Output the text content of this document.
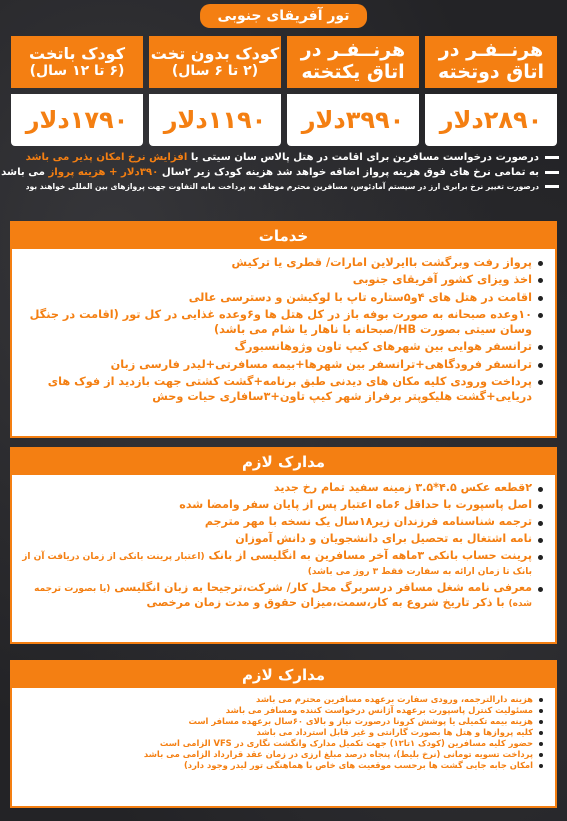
تور آفریقای جنوبی
هرنــفـر در
اتاق دوتخته
۲۸۹۰دلار
هرنــفـر در
اتاق یکتخته
۳۹۹۰دلار
کودک بدون تخت
(۲ تا ۶ سال)
۱۱۹۰دلار
کودک باتخت
(۶ تا ۱۲ سال)
۱۷۹۰دلار
درصورت درخواست مسافرین برای اقامت در هتل پالاس سان سیتی با افزایش نرخ امکان پذیر می باشد
به تمامی نرخ های فوق هزینه پرواز اضافه خواهد شد هزینه کودک زیر ۲سال ۳۹۰دلار + هزینه پرواز می باشد
درصورت تغییر نرخ برابری ارز در سیستم آماد‌ئوس، مسافرین محترم موظف به پرداخت مابه التفاوت جهت پروازهای بین المللی خواهند بود
خدمات
پرواز رفت وبرگشت باایرلاین امارات/ قطری یا ترکیش
اخذ ویزای کشور آفریقای جنوبی
اقامت در هتل های ۴و۵ستاره تاپ با لوکیشن و دسترسی عالی
۱۰وعده صبحانه به صورت بوفه باز در کل هتل ها و۶وعده غذایی در کل تور (اقامت در جنگل وسان سیتی بصورت HB/صبحانه با ناهار یا شام می باشد)
ترانسفر هوایی بین شهرهای کیپ تاون وژوهانسبورگ
ترانسفر فرودگاهی+ترانسفر بین شهرها+بیمه مسافرتی+لیدر فارسی زبان
پرداخت ورودی کلیه مکان های دیدنی طبق برنامه+گشت کشتی جهت بازدید از فوک های دریایی+گشت هلیکوپتر برفراز شهر کیپ تاون+۳سافاری حیات وحش
مدارک لازم
۲قطعه عکس ۴.۵*۳.۵ زمینه سفید تمام رخ جدید
اصل پاسپورت با حداقل ۶ماه اعتبار پس از پایان سفر وامضا شده
ترجمه شناسنامه فرزندان زیر۱۸سال یک نسخه با مهر مترجم
نامه اشتغال به تحصیل برای دانشجویان و دانش آموزان
پرینت حساب بانکی ۳ماهه آخر مسافرین به انگلیسی از بانک (اعتبار پرینت بانکی از زمان دریافت آن از بانک تا زمان ارائه به سفارت فقط ۳ روز می باشد)
معرفی نامه شغل مسافر درسربرگ محل کار/ شرکت،ترجیحا به زبان انگلیسی (یا بصورت ترجمه شده) با ذکر تاریخ شروع به کار،سمت،میزان حقوق و مدت زمان مرخصی
مدارک لازم
هزینه دارالترجمه، ورودی سفارت برعهده مسافرین محترم می باشد
مسئولیت کنترل پاسپورت برعهده آژانس درخواست کننده ومسافر می باشد
هزینه بیمه تکمیلی یا پوشش کرونا درصورت نیاز و بالای ۶۰سال برعهده مسافر است
کلیه پروازها و هتل ها بصورت گارانتی و غیر قابل استرداد می باشد
حضور کلیه مسافرین (کودک ۱تا۱۲) جهت تکمیل مدارک وانگشت نگاری در VFS الزامی است
پرداخت تسویه تومانی (نرخ بلیط)، پنجاه درصد مبلغ ارزی در زمان عقد قرارداد الزامی می باشد
امکان جابه جایی گشت ها برحسب موقعیت های خاص با هماهنگی تور لیدر وجود دارد)
